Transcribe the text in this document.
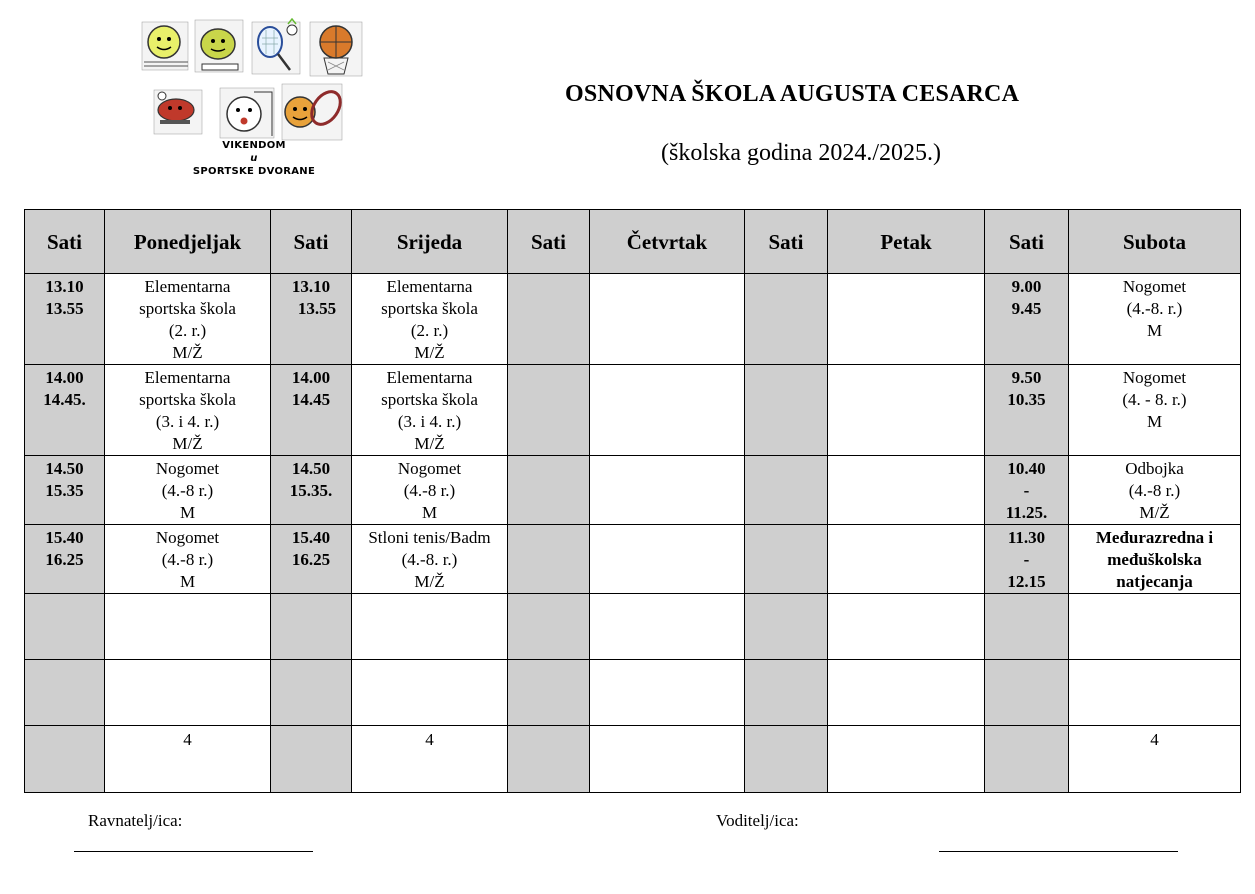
VIKENDOM
u
SPORTSKE DVORANE
OSNOVNA ŠKOLA AUGUSTA CESARCA
(školska godina 2024./2025.)
Sati	Ponedjeljak	Sati	Srijeda	Sati	Četvrtak	Sati	Petak	Sati	Subota

13.10
13.55	Elementarna
sportska škola
(2. r.)
M/Ž	13.10
13.55	Elementarna
sportska škola
(2. r.)
M/Ž					9.00
9.45	Nogomet
(4.-8. r.)
M

14.00
14.45.	Elementarna
sportska škola
(3. i 4. r.)
M/Ž	14.00
14.45	Elementarna
sportska škola
(3. i 4. r.)
M/Ž					9.50
10.35	Nogomet
(4. - 8. r.)
M

14.50
15.35	Nogomet
(4.-8 r.)
M	14.50
15.35.	Nogomet
(4.-8 r.)
M					10.40
-
11.25.	Odbojka
(4.-8 r.)
M/Ž

15.40
16.25	Nogomet
(4.-8 r.)
M	15.40
16.25	Stloni tenis/Badm
(4.-8. r.)
M/Ž					11.30
-
12.15	Međurazredna i
međuškolska
natjecanja

	4		4						4
Ravnatelj/ica:	Voditelj/ica:
